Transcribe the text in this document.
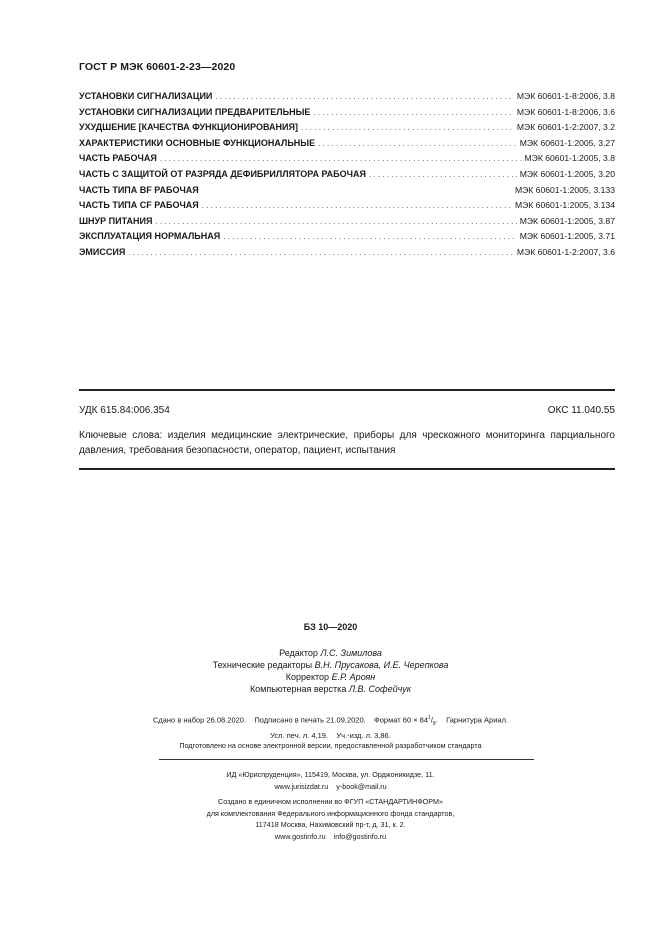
ГОСТ Р МЭК 60601-2-23—2020
УСТАНОВКИ СИГНАЛИЗАЦИИ . . .	МЭК 60601-1-8:2006, 3.8
УСТАНОВКИ СИГНАЛИЗАЦИИ ПРЕДВАРИТЕЛЬНЫЕ . . .	МЭК 60601-1-8:2006, 3.6
УХУДШЕНИЕ [КАЧЕСТВА ФУНКЦИОНИРОВАНИЯ] . . .	МЭК 60601-1-2:2007, 3.2
ХАРАКТЕРИСТИКИ ОСНОВНЫЕ ФУНКЦИОНАЛЬНЫЕ . . .	МЭК 60601-1:2005, 3.27
ЧАСТЬ РАБОЧАЯ . . .	МЭК 60601-1:2005, 3.8
ЧАСТЬ С ЗАЩИТОЙ ОТ РАЗРЯДА ДЕФИБРИЛЛЯТОРА РАБОЧАЯ . . .	МЭК 60601-1:2005, 3.20
ЧАСТЬ ТИПА BF РАБОЧАЯ	МЭК 60601-1:2005, 3.133
ЧАСТЬ ТИПА CF РАБОЧАЯ . . .	МЭК 60601-1:2005, 3.134
ШНУР ПИТАНИЯ . . .	МЭК 60601-1:2005, 3.87
ЭКСПЛУАТАЦИЯ НОРМАЛЬНАЯ . . .	МЭК 60601-1:2005, 3.71
ЭМИССИЯ . . .	МЭК 60601-1-2:2007, 3.6
УДК 615.84:006.354	ОКС 11.040.55
Ключевые слова: изделия медицинские электрические, приборы для чрескожного мониторинга парциального давления, требования безопасности, оператор, пациент, испытания
БЗ 10—2020
Редактор Л.С. Зимилова
Технические редакторы В.Н. Прусакова, И.Е. Черепкова
Корректор Е.Р. Ароян
Компьютерная верстка Л.В. Софейчук
Сдано в набор 26.08.2020.    Подписано в печать 21.09.2020.    Формат $60 \times 84^1/_8$.    Гарнитура Ариал.
Усл. печ. л. 4,19.    Уч.-изд. л. 3,86.
Подготовлено на основе электронной версии, предоставленной разработчиком стандарта
ИД «Юриспруденция», 115419, Москва, ул. Орджоникидзе, 11.
www.jurisizdat.ru    y-book@mail.ru
Создано в единичном исполнении во ФГУП «СТАНДАРТИНФОРМ»
для комплектования Федерального информационного фонда стандартов,
117418 Москва, Нахимовский пр-т, д. 31, к. 2.
www.gostinfo.ru    info@gostinfo.ru
